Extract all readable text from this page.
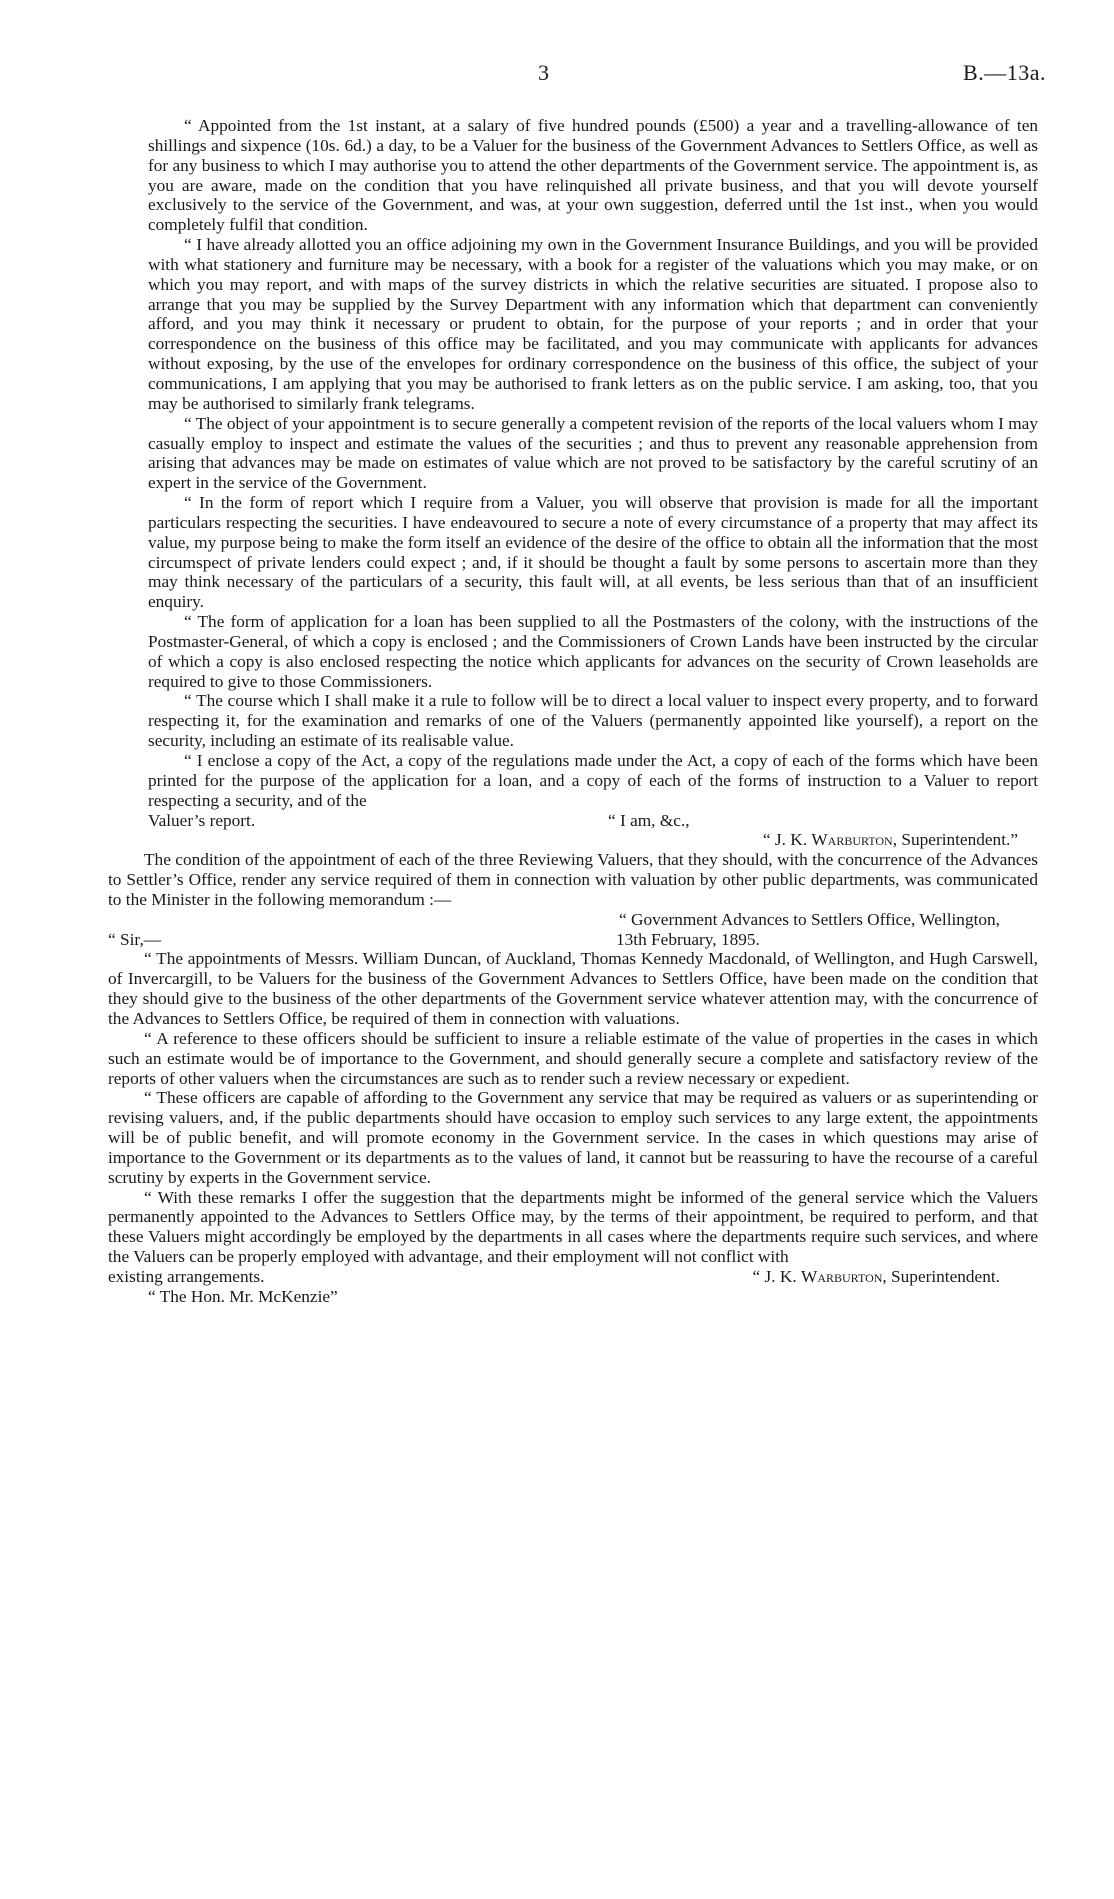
3	B.—13a.

“ Appointed from the 1st instant, at a salary of five hundred pounds (£500) a year and a travelling-allowance of ten shillings and sixpence (10s. 6d.) a day, to be a Valuer for the business of the Government Advances to Settlers Office, as well as for any business to which I may authorise you to attend the other departments of the Government service. The appointment is, as you are aware, made on the condition that you have relinquished all private business, and that you will devote yourself exclusively to the service of the Government, and was, at your own suggestion, deferred until the 1st inst., when you would completely fulfil that condition.

“ I have already allotted you an office adjoining my own in the Government Insurance Buildings, and you will be provided with what stationery and furniture may be necessary, with a book for a register of the valuations which you may make, or on which you may report, and with maps of the survey districts in which the relative securities are situated. I propose also to arrange that you may be supplied by the Survey Department with any information which that department can conveniently afford, and you may think it necessary or prudent to obtain, for the purpose of your reports ; and in order that your correspondence on the business of this office may be facilitated, and you may communicate with applicants for advances without exposing, by the use of the envelopes for ordinary correspondence on the business of this office, the subject of your communications, I am applying that you may be authorised to frank letters as on the public service. I am asking, too, that you may be authorised to similarly frank telegrams.

“ The object of your appointment is to secure generally a competent revision of the reports of the local valuers whom I may casually employ to inspect and estimate the values of the securities ; and thus to prevent any reasonable apprehension from arising that advances may be made on estimates of value which are not proved to be satisfactory by the careful scrutiny of an expert in the service of the Government.

“ In the form of report which I require from a Valuer, you will observe that provision is made for all the important particulars respecting the securities. I have endeavoured to secure a note of every circumstance of a property that may affect its value, my purpose being to make the form itself an evidence of the desire of the office to obtain all the information that the most circumspect of private lenders could expect ; and, if it should be thought a fault by some persons to ascertain more than they may think necessary of the particulars of a security, this fault will, at all events, be less serious than that of an insufficient enquiry.

“ The form of application for a loan has been supplied to all the Postmasters of the colony, with the instructions of the Postmaster-General, of which a copy is enclosed ; and the Commissioners of Crown Lands have been instructed by the circular of which a copy is also enclosed respecting the notice which applicants for advances on the security of Crown leaseholds are required to give to those Commissioners.

“ The course which I shall make it a rule to follow will be to direct a local valuer to inspect every property, and to forward respecting it, for the examination and remarks of one of the Valuers (permanently appointed like yourself), a report on the security, including an estimate of its realisable value.

“ I enclose a copy of the Act, a copy of the regulations made under the Act, a copy of each of the forms which have been printed for the purpose of the application for a loan, and a copy of each of the forms of instruction to a Valuer to report respecting a security, and of the

Valuer’s report.	“ I am, &c.,

“ J. K. Warburton, Superintendent.”

The condition of the appointment of each of the three Reviewing Valuers, that they should, with the concurrence of the Advances to Settler’s Office, render any service required of them in connection with valuation by other public departments, was communicated to the Minister in the following memorandum :—

“ Government Advances to Settlers Office, Wellington,

“ Sir,—	13th February, 1895.

“ The appointments of Messrs. William Duncan, of Auckland, Thomas Kennedy Macdonald, of Wellington, and Hugh Carswell, of Invercargill, to be Valuers for the business of the Government Advances to Settlers Office, have been made on the condition that they should give to the business of the other departments of the Government service whatever attention may, with the concurrence of the Advances to Settlers Office, be required of them in connection with valuations.

“ A reference to these officers should be sufficient to insure a reliable estimate of the value of properties in the cases in which such an estimate would be of importance to the Government, and should generally secure a complete and satisfactory review of the reports of other valuers when the circumstances are such as to render such a review necessary or expedient.

“ These officers are capable of affording to the Government any service that may be required as valuers or as superintending or revising valuers, and, if the public departments should have occasion to employ such services to any large extent, the appointments will be of public benefit, and will promote economy in the Government service. In the cases in which questions may arise of importance to the Government or its departments as to the values of land, it cannot but be reassuring to have the recourse of a careful scrutiny by experts in the Government service.

“ With these remarks I offer the suggestion that the departments might be informed of the general service which the Valuers permanently appointed to the Advances to Settlers Office may, by the terms of their appointment, be required to perform, and that these Valuers might accordingly be employed by the departments in all cases where the departments require such services, and where the Valuers can be properly employed with advantage, and their employment will not conflict with

existing arrangements.	“ J. K. Warburton, Superintendent.

“ The Hon. Mr. McKenzie”
